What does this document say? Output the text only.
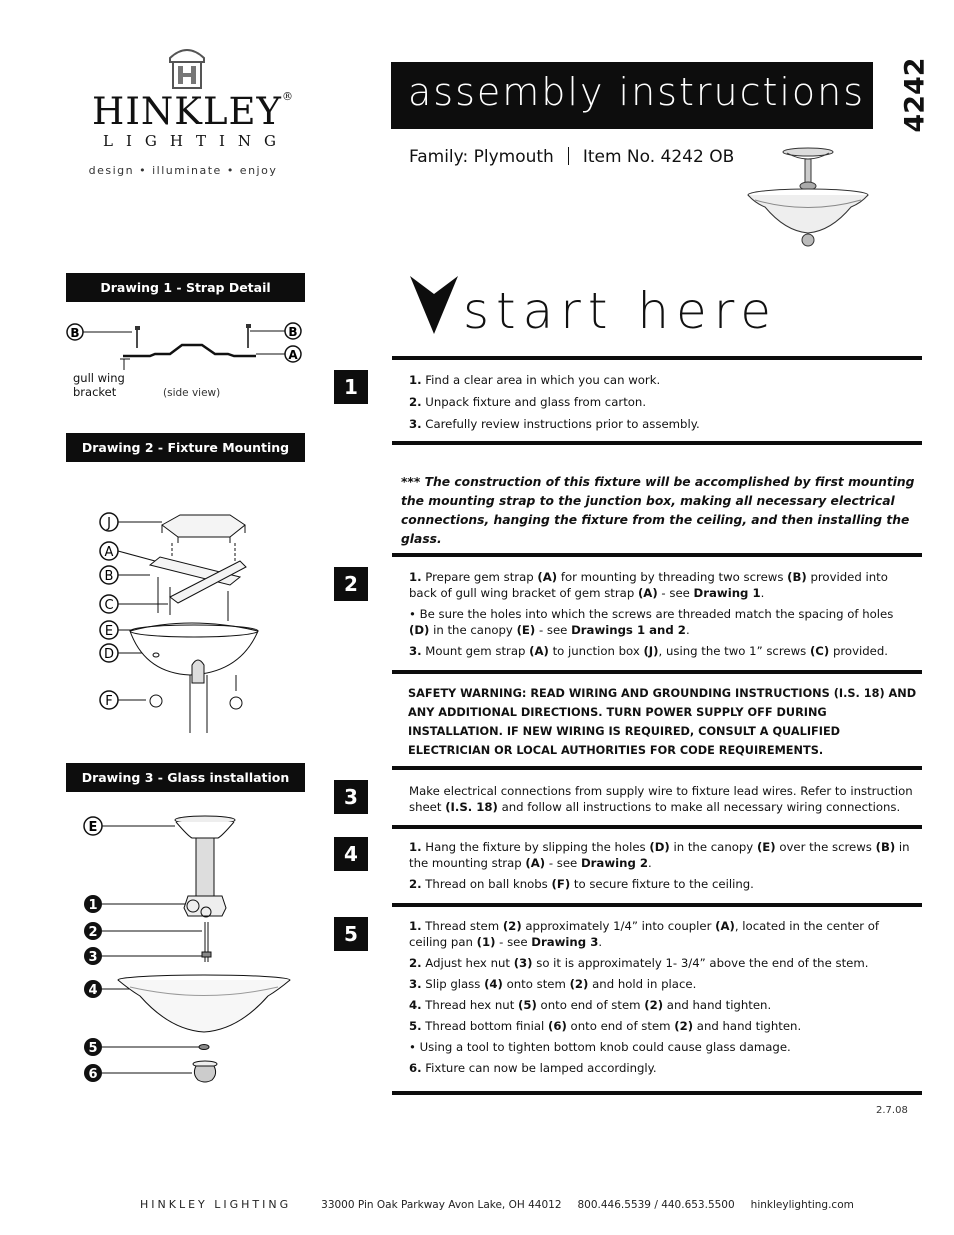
HINKLEY®
LIGHTING
design • illuminate • enjoy
assembly instructions 4242
Family: Plymouth Item No. 4242 OB
Drawing 1 - Strap Detail
B	B
A
gull wing
bracket	(side view)
Drawing 2 - Fixture Mounting
J
A
B
C
E
D
F
Drawing 3 - Glass installation
E
1
2
3
4
5
6
start here
1	1. Find a clear area in which you can work.

2. Unpack fixture and glass from carton.

3. Carefully review instructions prior to assembly.

*** The construction of this fixture will be accomplished by first mounting the mounting strap to the junction box, making all necessary electrical connections, hanging the fixture from the ceiling, and then installing the glass.
2	1. Prepare gem strap (A) for mounting by threading two screws (B) provided into back of gull wing bracket of gem strap (A) - see Drawing 1.

• Be sure the holes into which the screws are threaded match the spacing of holes (D) in the canopy (E) - see Drawings 1 and 2.

3. Mount gem strap (A) to junction box (J), using the two 1” screws (C) provided.

SAFETY WARNING: READ WIRING AND GROUNDING INSTRUCTIONS (I.S. 18) AND ANY ADDITIONAL DIRECTIONS. TURN POWER SUPPLY OFF DURING INSTALLATION. IF NEW WIRING IS REQUIRED, CONSULT A QUALIFIED ELECTRICIAN OR LOCAL AUTHORITIES FOR CODE REQUIREMENTS.
3	Make electrical connections from supply wire to fixture lead wires. Refer to instruction sheet (I.S. 18) and follow all instructions to make all necessary wiring connections.

4	1. Hang the fixture by slipping the holes (D) in the canopy (E) over the screws (B) in the mounting strap (A) - see Drawing 2.

2. Thread on ball knobs (F) to secure fixture to the ceiling.

5	1. Thread stem (2) approximately 1/4” into coupler (A), located in the center of ceiling pan (1) - see Drawing 3.

2. Adjust hex nut (3) so it is approximately 1- 3/4” above the end of the stem.

3. Slip glass (4) onto stem (2) and hold in place.

4. Thread hex nut (5) onto end of stem (2) and hand tighten.

5. Thread bottom finial (6) onto end of stem (2) and hand tighten.

• Using a tool to tighten bottom knob could cause glass damage.

6. Fixture can now be lamped accordingly.

2.7.08
HINKLEY LIGHTING	33000 Pin Oak Parkway Avon Lake, OH 44012 800.446.5539 / 440.653.5500 hinkleylighting.com
